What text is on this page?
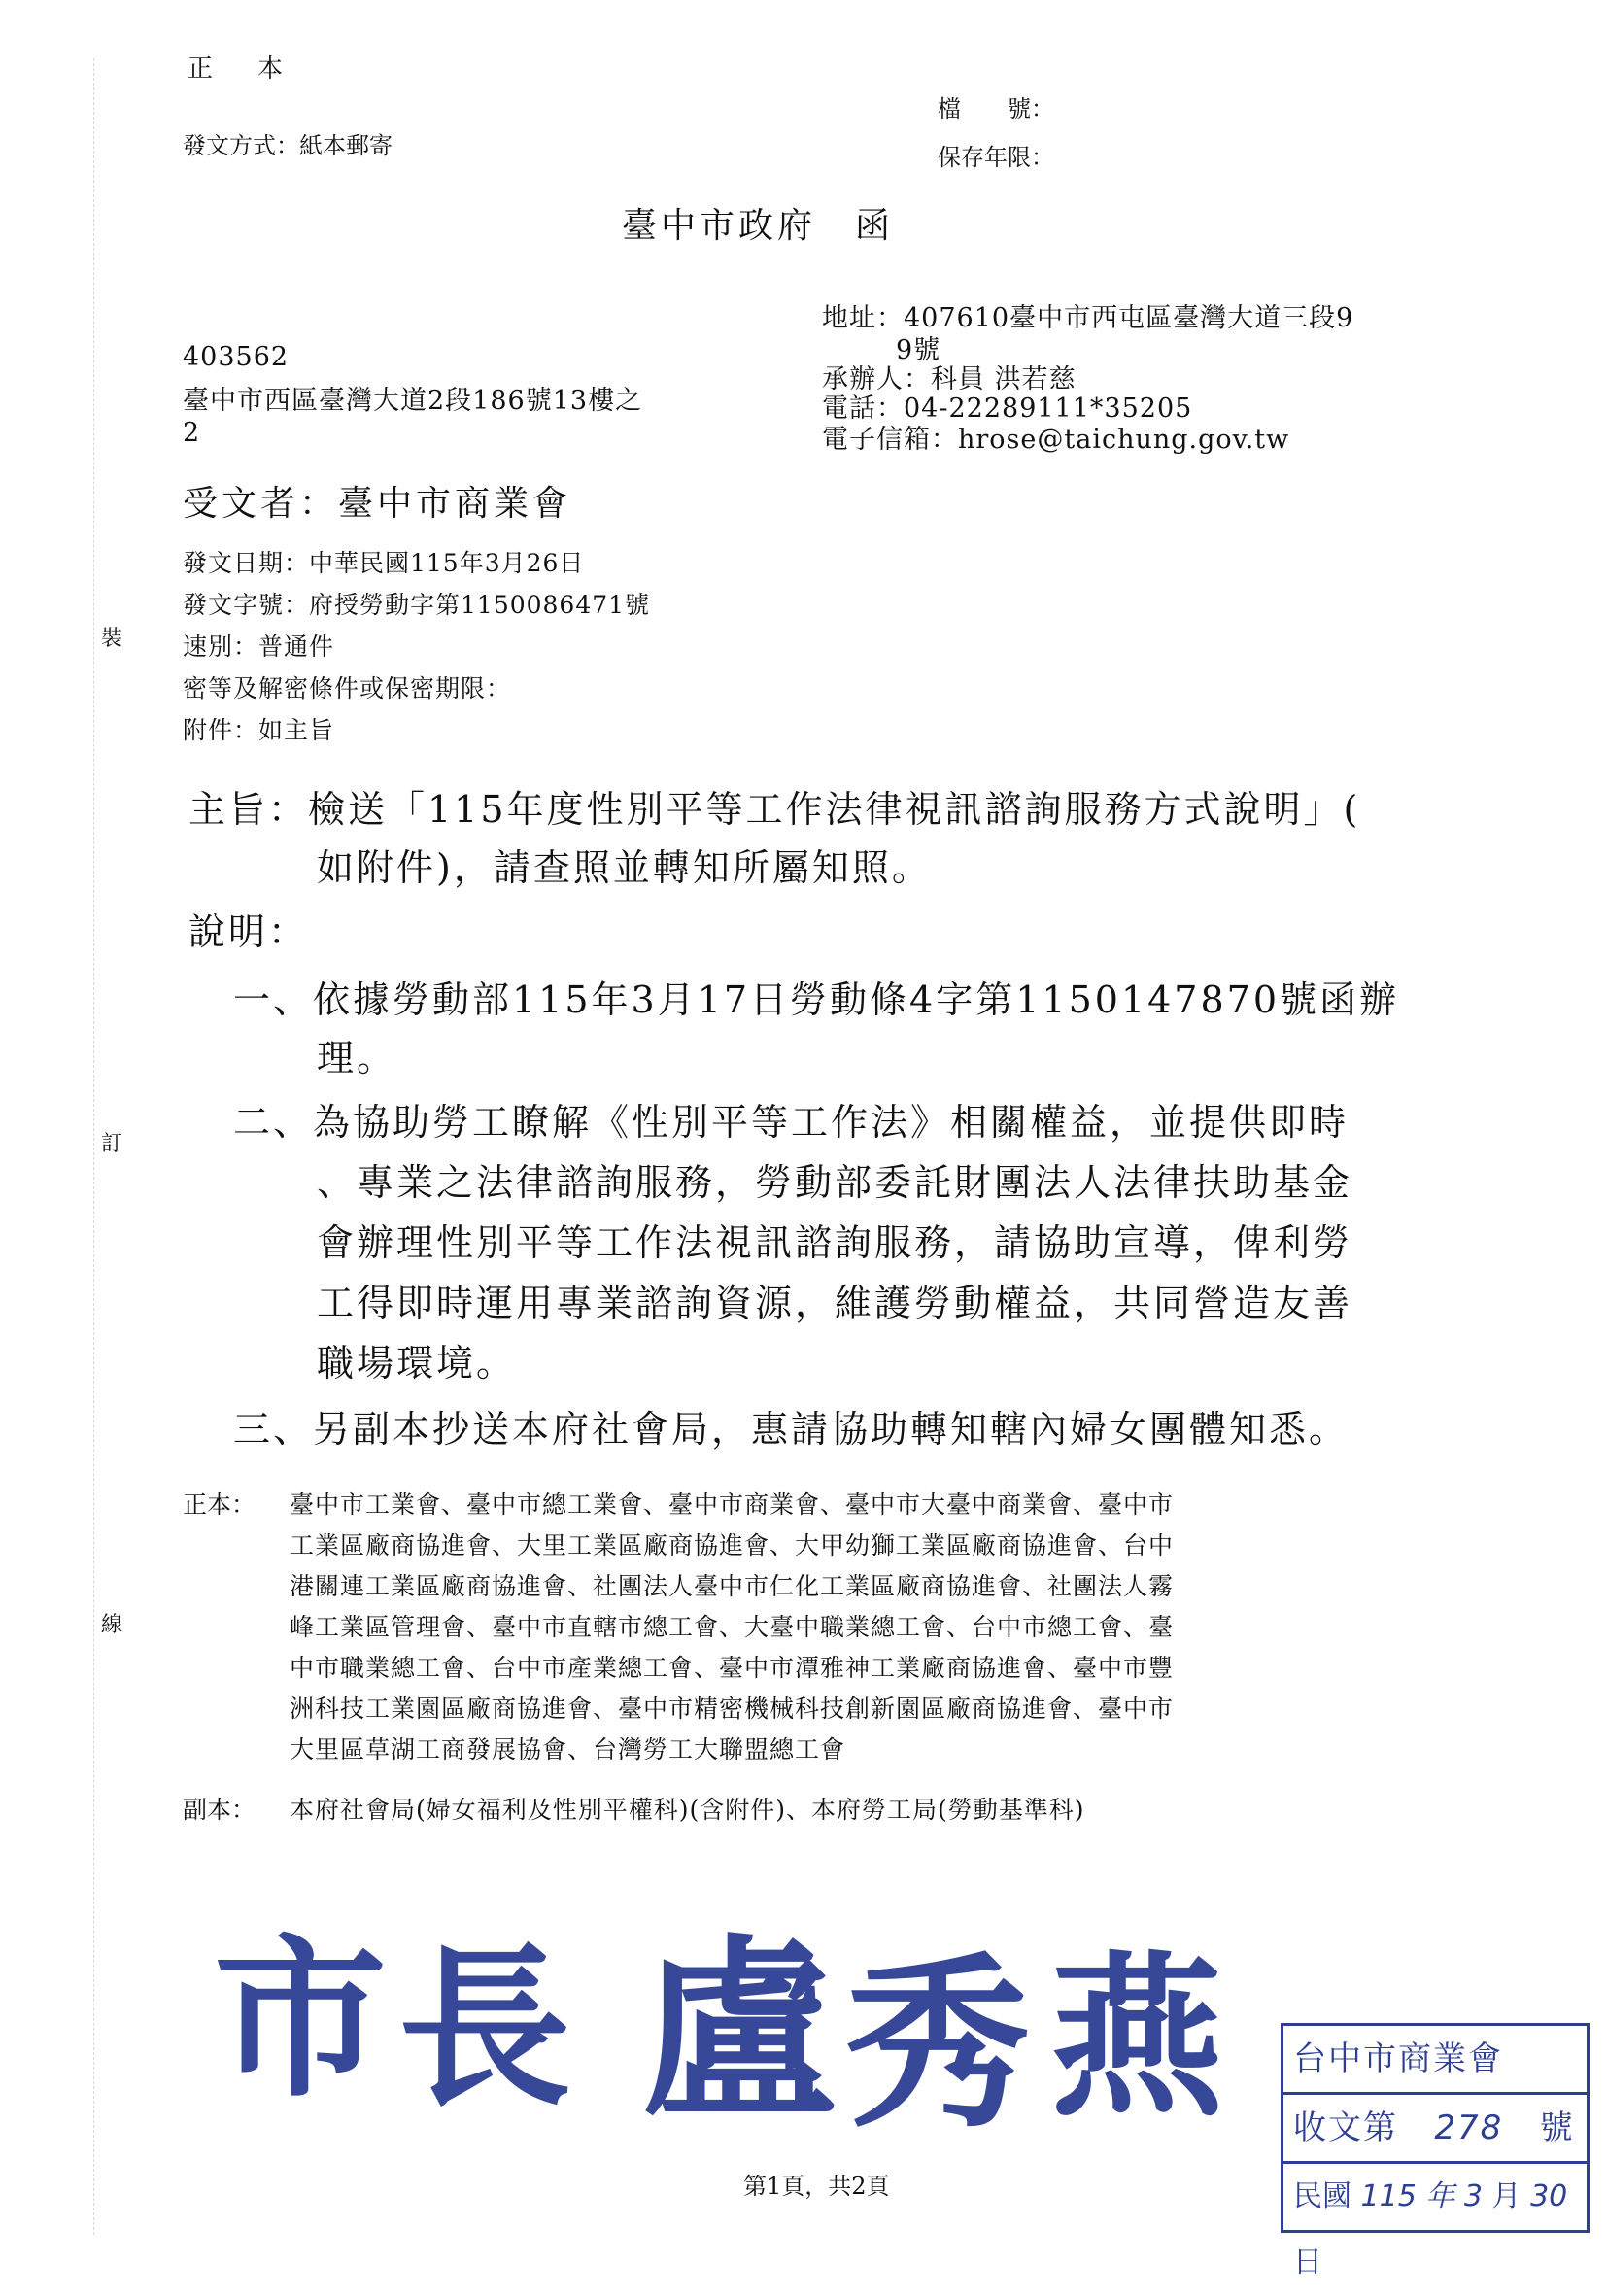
裝
訂
線
正　本
發文方式：紙本郵寄
檔　　號：
保存年限：
臺中市政府　函
地址：407610臺中市西屯區臺灣大道三段9
9號
承辦人：科員 洪若慈
電話：04-22289111*35205
電子信箱：hrose@taichung.gov.tw
403562
臺中市西區臺灣大道2段186號13樓之
2
受文者：臺中市商業會
發文日期：中華民國115年3月26日
發文字號：府授勞動字第1150086471號
速別：普通件
密等及解密條件或保密期限：
附件：如主旨
主旨：檢送「115年度性別平等工作法律視訊諮詢服務方式說明」(
如附件)，請查照並轉知所屬知照。
說明：
一、依據勞動部115年3月17日勞動條4字第1150147870號函辦
理。
二、為協助勞工瞭解《性別平等工作法》相關權益，並提供即時
、專業之法律諮詢服務，勞動部委託財團法人法律扶助基金
會辦理性別平等工作法視訊諮詢服務，請協助宣導，俾利勞
工得即時運用專業諮詢資源，維護勞動權益，共同營造友善
職場環境。
三、另副本抄送本府社會局，惠請協助轉知轄內婦女團體知悉。
正本： 臺中市工業會、臺中市總工業會、臺中市商業會、臺中市大臺中商業會、臺中市
工業區廠商協進會、大里工業區廠商協進會、大甲幼獅工業區廠商協進會、台中
港關連工業區廠商協進會、社團法人臺中市仁化工業區廠商協進會、社團法人霧
峰工業區管理會、臺中市直轄市總工會、大臺中職業總工會、台中市總工會、臺
中市職業總工會、台中市產業總工會、臺中市潭雅神工業廠商協進會、臺中市豐
洲科技工業園區廠商協進會、臺中市精密機械科技創新園區廠商協進會、臺中市
大里區草湖工商發展協會、台灣勞工大聯盟總工會
副本： 本府社會局(婦女福利及性別平權科)(含附件)、本府勞工局(勞動基準科)
市 長 盧 秀 燕 台中市商業會
收文第 278 號
民國 115 年 3 月 30 日
第1頁，共2頁
